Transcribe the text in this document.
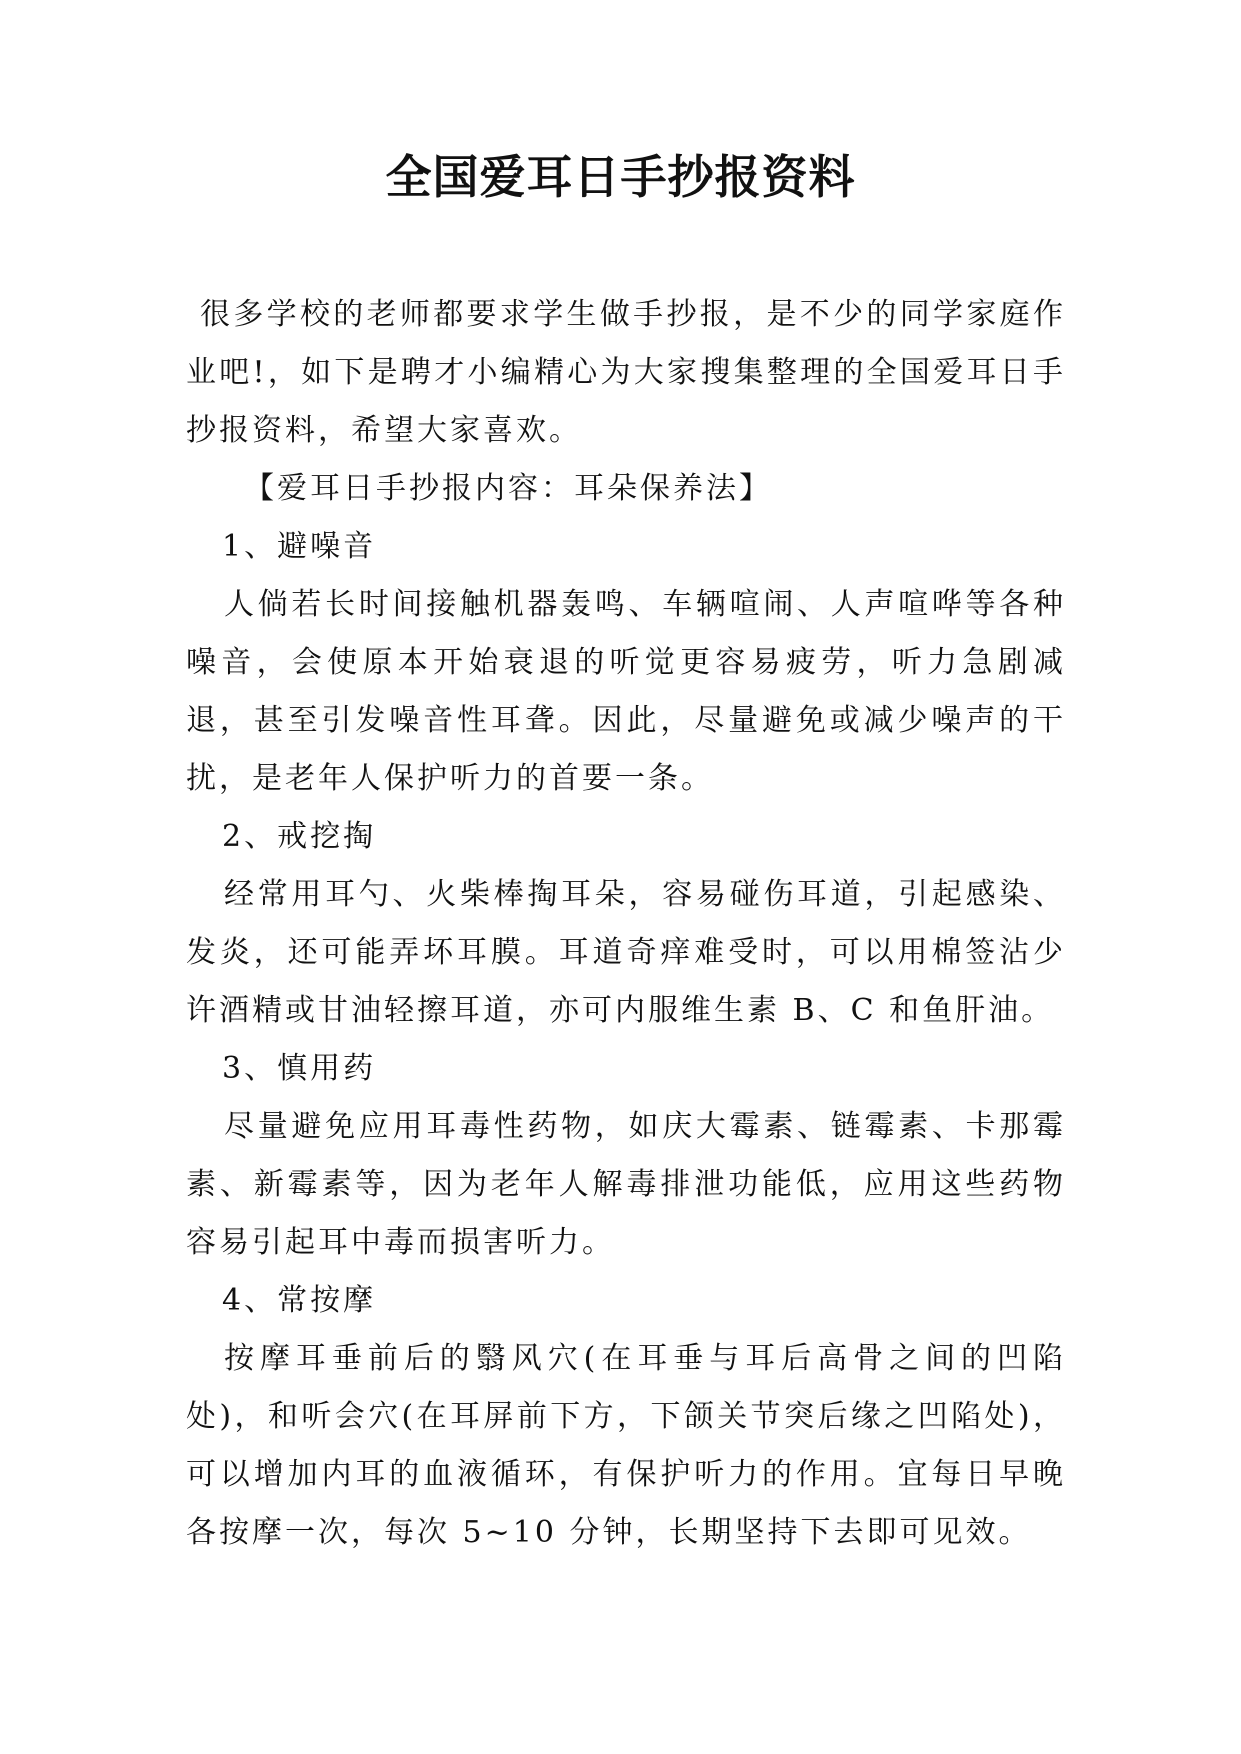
全国爱耳日手抄报资料

很多学校的老师都要求学生做手抄报，是不少的同学家庭作业吧!，如下是聘才小编精心为大家搜集整理的全国爱耳日手抄报资料，希望大家喜欢。

【爱耳日手抄报内容：耳朵保养法】

1、避噪音

人倘若长时间接触机器轰鸣、车辆喧闹、人声喧哗等各种噪音，会使原本开始衰退的听觉更容易疲劳，听力急剧减退，甚至引发噪音性耳聋。因此，尽量避免或减少噪声的干扰，是老年人保护听力的首要一条。

2、戒挖掏

经常用耳勺、火柴棒掏耳朵，容易碰伤耳道，引起感染、发炎，还可能弄坏耳膜。耳道奇痒难受时，可以用棉签沾少许酒精或甘油轻擦耳道，亦可内服维生素 B、C 和鱼肝油。

3、慎用药

尽量避免应用耳毒性药物，如庆大霉素、链霉素、卡那霉素、新霉素等，因为老年人解毒排泄功能低，应用这些药物容易引起耳中毒而损害听力。

4、常按摩

按摩耳垂前后的翳风穴(在耳垂与耳后高骨之间的凹陷处)，和听会穴(在耳屏前下方，下颌关节突后缘之凹陷处)，可以增加内耳的血液循环，有保护听力的作用。宜每日早晚各按摩一次，每次 5~10 分钟，长期坚持下去即可见效。
